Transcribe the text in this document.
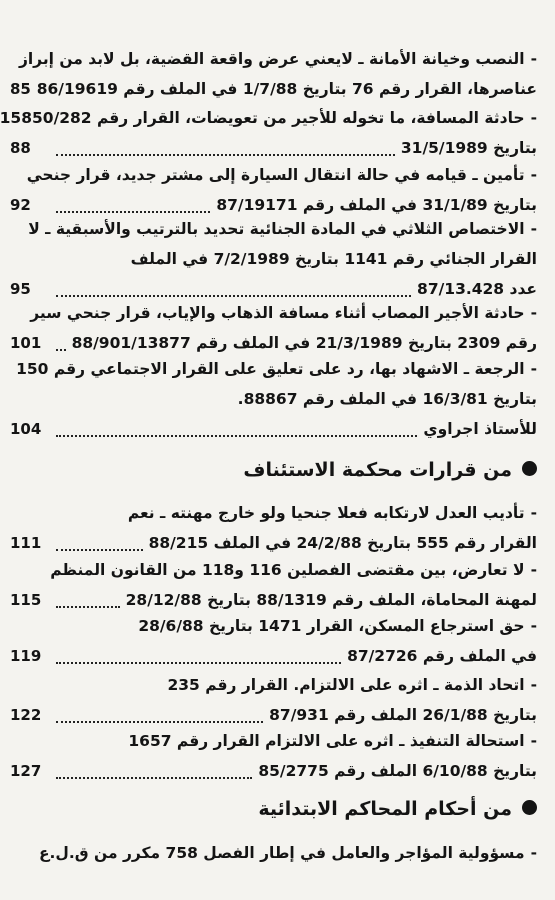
-النصب وخيانة الأمانة ـ لايعني عرض واقعة القضية، بل لابد من إبراز
عناصرها، القرار رقم 76 بتاريخ 1/7/88 في الملف رقم 86/19619
85
-حادثة المسافة، ما تخوله للأجير من تعويضات، القرار رقم 15850/282
بتاريخ 31/5/1989
88
-تأمين ـ قيامه في حالة انتقال السيارة إلى مشتر جديد، قرار جنحي
بتاريخ 31/1/89 في الملف رقم 87/19171
92
-الاختصاص الثلاثي في المادة الجنائية تحديد بالترتيب والأسبقية ـ لا
القرار الجنائي رقم 1141 بتاريخ 7/2/1989 في الملف
عدد 87/13.428
95
-حادثة الأجير المصاب أثناء مسافة الذهاب والإياب، قرار جنحي سير
رقم 2309 بتاريخ 21/3/1989 في الملف رقم 88/901/13877
101
-الرجعة ـ الاشهاد بها، رد على تعليق على القرار الاجتماعي رقم 150
بتاريخ 16/3/81 في الملف رقم 88867.
للأستاذ اجراوي
104
من قرارات محكمة الاستئناف
-تأديب العدل لارتكابه فعلا جنحيا ولو خارج مهنته ـ نعم
القرار رقم 555 بتاريخ 24/2/88 في الملف 88/215
111
-لا تعارض، بين مقتضى الفصلين 116 و118 من القانون المنظم
لمهنة المحاماة، الملف رقم 88/1319 بتاريخ 28/12/88
115
-حق استرجاع المسكن، القرار 1471 بتاريخ 28/6/88
في الملف رقم 87/2726
119
-اتحاد الذمة ـ اثره على الالتزام. القرار رقم 235
بتاريخ 26/1/88 الملف رقم 87/931
122
-استحالة التنفيذ ـ اثره على الالتزام القرار رقم 1657
بتاريخ 6/10/88 الملف رقم 85/2775
127
من أحكام المحاكم الابتدائية
-مسؤولية المؤاجر والعامل في إطار الفصل 758 مكرر من ق.ل.ع
